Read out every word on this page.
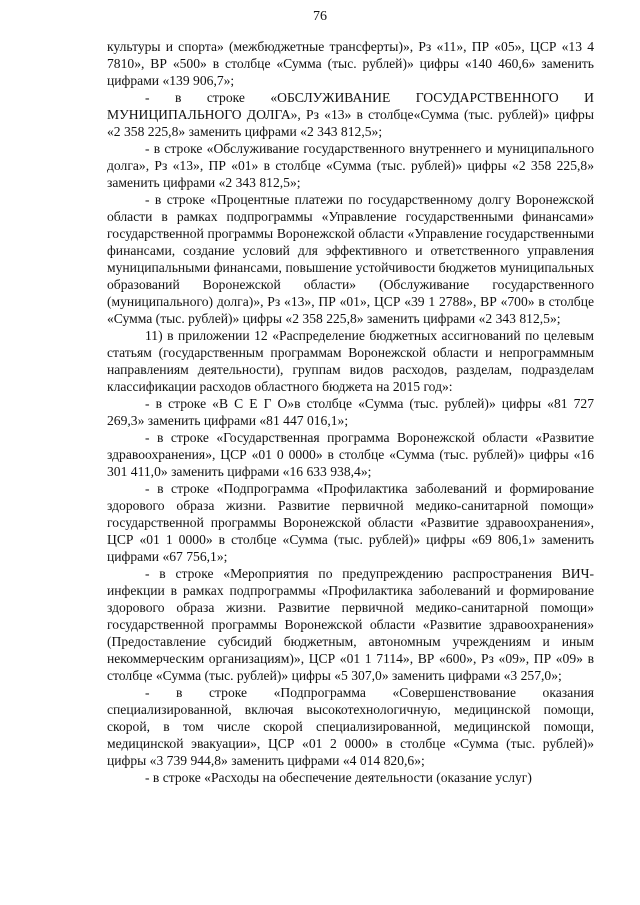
76

культуры и спорта» (межбюджетные трансферты)», Рз «11», ПР «05», ЦСР «13 4 7810», ВР «500» в столбце «Сумма (тыс. рублей)» цифры «140 460,6» заменить цифрами «139 906,7»;

- в строке «ОБСЛУЖИВАНИЕ ГОСУДАРСТВЕННОГО И МУНИЦИПАЛЬНОГО ДОЛГА», Рз «13» в столбце«Сумма (тыс. рублей)» цифры «2 358 225,8» заменить цифрами «2 343 812,5»;

- в строке «Обслуживание государственного внутреннего и муниципального долга», Рз «13», ПР «01» в столбце «Сумма (тыс. рублей)» цифры «2 358 225,8» заменить цифрами «2 343 812,5»;

- в строке «Процентные платежи по государственному долгу Воронежской области в рамках подпрограммы «Управление государственными финансами» государственной программы Воронежской области «Управление государственными финансами, создание условий для эффективного и ответственного управления муниципальными финансами, повышение устойчивости бюджетов муниципальных образований Воронежской области» (Обслуживание государственного (муниципального) долга)», Рз «13», ПР «01», ЦСР «39 1 2788», ВР «700» в столбце «Сумма (тыс. рублей)» цифры «2 358 225,8» заменить цифрами «2 343 812,5»;

11) в приложении 12 «Распределение бюджетных ассигнований по целевым статьям (государственным программам Воронежской области и непрограммным направлениям деятельности), группам видов расходов, разделам, подразделам классификации расходов областного бюджета на 2015 год»:

- в строке «В С Е Г О»в столбце «Сумма (тыс. рублей)» цифры «81 727 269,3» заменить цифрами «81 447 016,1»;

- в строке «Государственная программа Воронежской области «Развитие здравоохранения», ЦСР «01 0 0000» в столбце «Сумма (тыс. рублей)» цифры «16 301 411,0» заменить цифрами «16 633 938,4»;

- в строке «Подпрограмма «Профилактика заболеваний и формирование здорового образа жизни. Развитие первичной медико-санитарной помощи» государственной программы Воронежской области «Развитие здравоохранения», ЦСР «01 1 0000» в столбце «Сумма (тыс. рублей)» цифры «69 806,1» заменить цифрами «67 756,1»;

- в строке «Мероприятия по предупреждению распространения ВИЧ-инфекции в рамках подпрограммы «Профилактика заболеваний и формирование здорового образа жизни. Развитие первичной медико-санитарной помощи» государственной программы Воронежской области «Развитие здравоохранения» (Предоставление субсидий бюджетным, автономным учреждениям и иным некоммерческим организациям)», ЦСР «01 1 7114», ВР «600», Рз «09», ПР «09» в столбце «Сумма (тыс. рублей)» цифры «5 307,0» заменить цифрами «3 257,0»;

- в строке «Подпрограмма «Совершенствование оказания специализированной, включая высокотехнологичную, медицинской помощи, скорой, в том числе скорой специализированной, медицинской помощи, медицинской эвакуации», ЦСР «01 2 0000» в столбце «Сумма (тыс. рублей)» цифры «3 739 944,8» заменить цифрами «4 014 820,6»;

- в строке «Расходы на обеспечение деятельности (оказание услуг)
